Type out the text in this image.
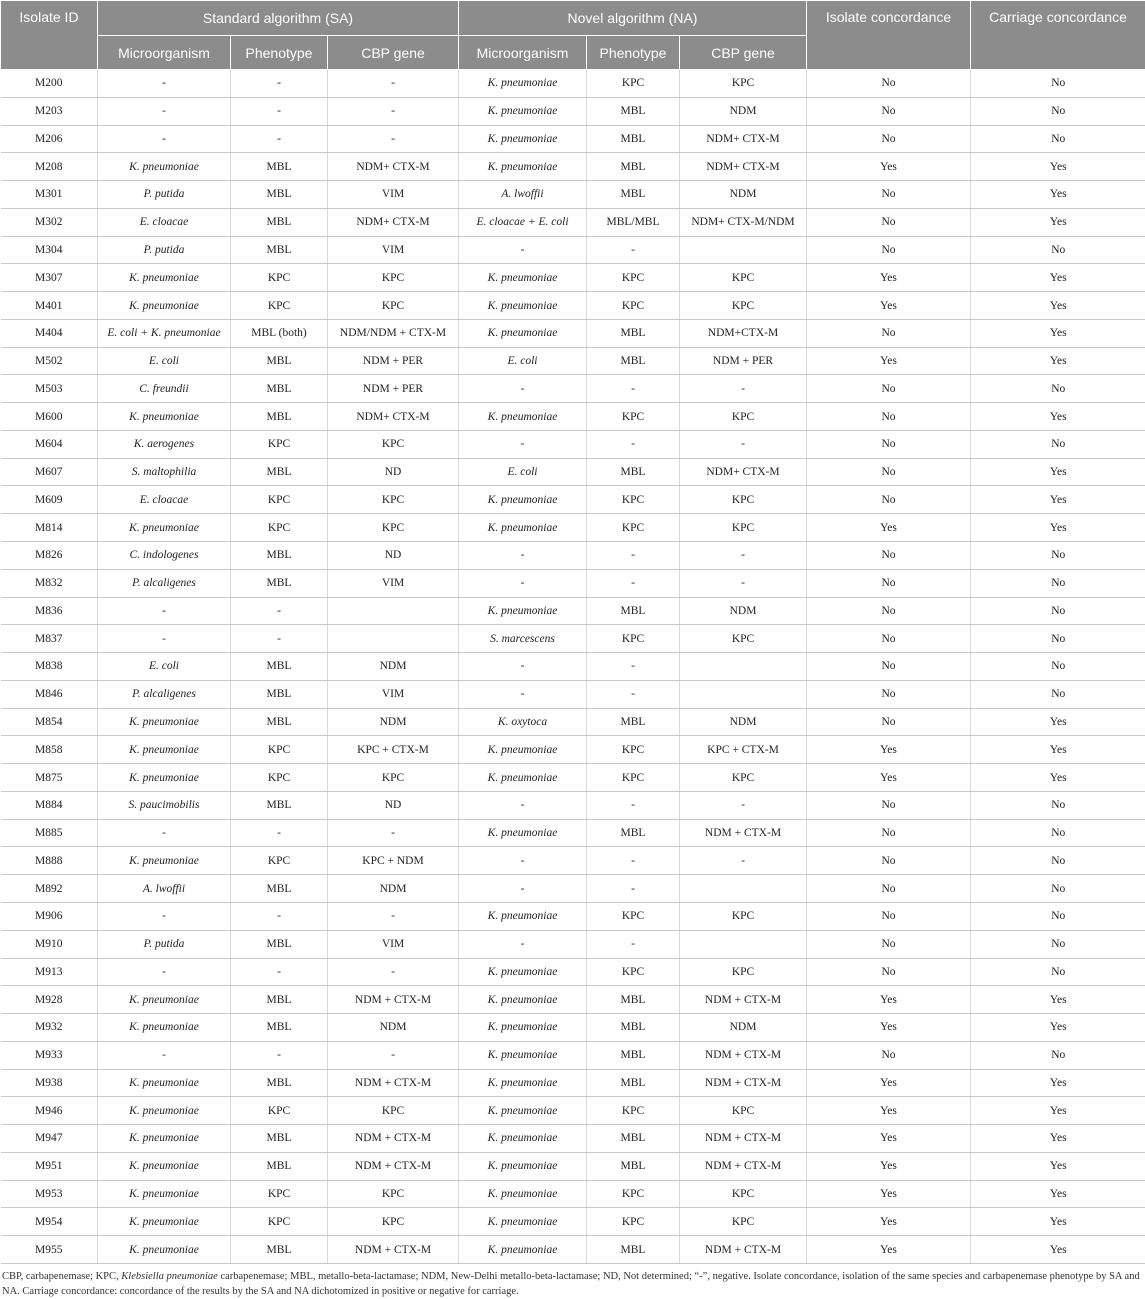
Isolate ID	Standard algorithm (SA)			Novel algorithm (NA)			Isolate concordance	Carriage concordance
	Microorganism	Phenotype	CBP gene	Microorganism	Phenotype	CBP gene		
M200	-	-	-	K. pneumoniae	KPC	KPC	No	No
M203	-	-	-	K. pneumoniae	MBL	NDM	No	No
M206	-	-	-	K. pneumoniae	MBL	NDM+ CTX-M	No	No
M208	K. pneumoniae	MBL	NDM+ CTX-M	K. pneumoniae	MBL	NDM+ CTX-M	Yes	Yes
M301	P. putida	MBL	VIM	A. lwoffii	MBL	NDM	No	Yes
M302	E. cloacae	MBL	NDM+ CTX-M	E. cloacae + E. coli	MBL/MBL	NDM+ CTX-M/NDM	No	Yes
M304	P. putida	MBL	VIM	-	-		No	No
M307	K. pneumoniae	KPC	KPC	K. pneumoniae	KPC	KPC	Yes	Yes
M401	K. pneumoniae	KPC	KPC	K. pneumoniae	KPC	KPC	Yes	Yes
M404	E. coli + K. pneumoniae	MBL (both)	NDM/NDM + CTX-M	K. pneumoniae	MBL	NDM+CTX-M	No	Yes
M502	E. coli	MBL	NDM + PER	E. coli	MBL	NDM + PER	Yes	Yes
M503	C. freundii	MBL	NDM + PER	-	-	-	No	No
M600	K. pneumoniae	MBL	NDM+ CTX-M	K. pneumoniae	KPC	KPC	No	Yes
M604	K. aerogenes	KPC	KPC	-	-	-	No	No
M607	S. maltophilia	MBL	ND	E. coli	MBL	NDM+ CTX-M	No	Yes
M609	E. cloacae	KPC	KPC	K. pneumoniae	KPC	KPC	No	Yes
M814	K. pneumoniae	KPC	KPC	K. pneumoniae	KPC	KPC	Yes	Yes
M826	C. indologenes	MBL	ND	-	-	-	No	No
M832	P. alcaligenes	MBL	VIM	-	-	-	No	No
M836	-	-		K. pneumoniae	MBL	NDM	No	No
M837	-	-		S. marcescens	KPC	KPC	No	No
M838	E. coli	MBL	NDM	-	-		No	No
M846	P. alcaligenes	MBL	VIM	-	-		No	No
M854	K. pneumoniae	MBL	NDM	K. oxytoca	MBL	NDM	No	Yes
M858	K. pneumoniae	KPC	KPC + CTX-M	K. pneumoniae	KPC	KPC + CTX-M	Yes	Yes
M875	K. pneumoniae	KPC	KPC	K. pneumoniae	KPC	KPC	Yes	Yes
M884	S. paucimobilis	MBL	ND	-	-	-	No	No
M885	-	-	-	K. pneumoniae	MBL	NDM + CTX-M	No	No
M888	K. pneumoniae	KPC	KPC + NDM	-	-	-	No	No
M892	A. lwoffii	MBL	NDM	-	-		No	No
M906	-	-	-	K. pneumoniae	KPC	KPC	No	No
M910	P. putida	MBL	VIM	-	-		No	No
M913	-	-	-	K. pneumoniae	KPC	KPC	No	No
M928	K. pneumoniae	MBL	NDM + CTX-M	K. pneumoniae	MBL	NDM + CTX-M	Yes	Yes
M932	K. pneumoniae	MBL	NDM	K. pneumoniae	MBL	NDM	Yes	Yes
M933	-	-	-	K. pneumoniae	MBL	NDM + CTX-M	No	No
M938	K. pneumoniae	MBL	NDM + CTX-M	K. pneumoniae	MBL	NDM + CTX-M	Yes	Yes
M946	K. pneumoniae	KPC	KPC	K. pneumoniae	KPC	KPC	Yes	Yes
M947	K. pneumoniae	MBL	NDM + CTX-M	K. pneumoniae	MBL	NDM + CTX-M	Yes	Yes
M951	K. pneumoniae	MBL	NDM + CTX-M	K. pneumoniae	MBL	NDM + CTX-M	Yes	Yes
M953	K. pneumoniae	KPC	KPC	K. pneumoniae	KPC	KPC	Yes	Yes
M954	K. pneumoniae	KPC	KPC	K. pneumoniae	KPC	KPC	Yes	Yes
M955	K. pneumoniae	MBL	NDM + CTX-M	K. pneumoniae	MBL	NDM + CTX-M	Yes	Yes
CBP, carbapenemase; KPC, Klebsiella pneumoniae carbapenemase; MBL, metallo-beta-lactamase; NDM, New-Delhi metallo-beta-lactamase; ND, Not determined; “-”, negative. Isolate concordance, isolation of the same species and carbapenemase phenotype by SA and NA. Carriage concordance: concordance of the results by the SA and NA dichotomized in positive or negative for carriage.
